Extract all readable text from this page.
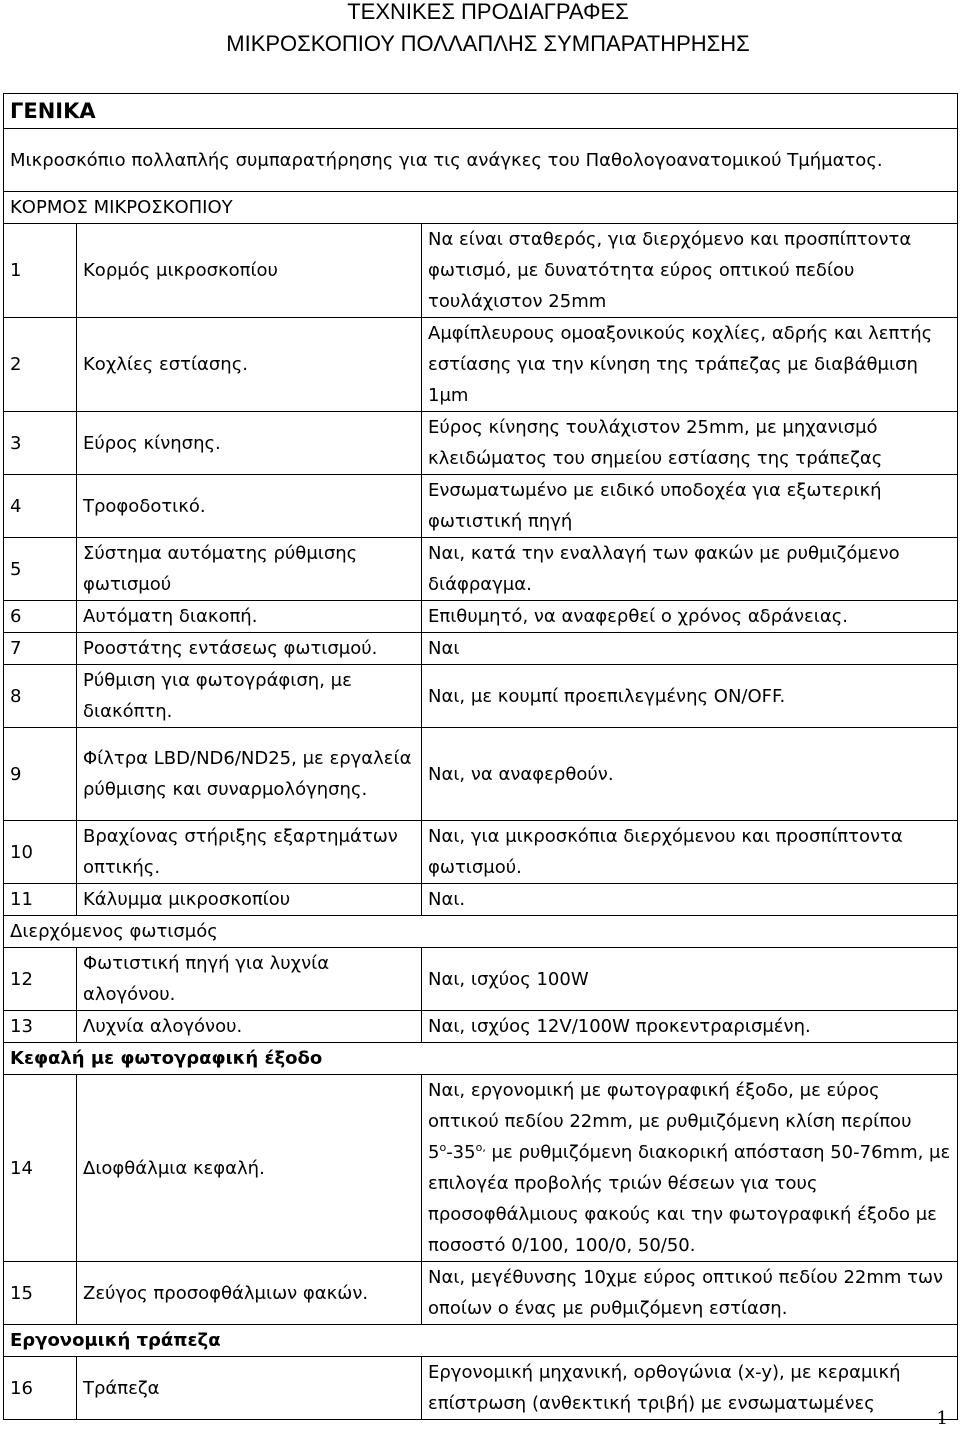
ΤΕΧΝΙΚΕΣ ΠΡΟΔΙΑΓΡΑΦΕΣ
ΜΙΚΡΟΣΚΟΠΙΟΥ ΠΟΛΛΑΠΛΗΣ ΣΥΜΠΑΡΑΤΗΡΗΣΗΣ
ΓΕΝΙΚΑ		
Μικροσκόπιο πολλαπλής συμπαρατήρησης για τις ανάγκες του Παθολογοανατομικού Τμήματος.		
ΚΟΡΜΟΣ ΜΙΚΡΟΣΚΟΠΙΟΥ		
1	Κορμός μικροσκοπίου	Να είναι σταθερός, για διερχόμενο και προσπίπτοντα φωτισμό, με δυνατότητα εύρος οπτικού πεδίου τουλάχιστον 25mm
2	Κοχλίες εστίασης.	Αμφίπλευρους ομοαξονικούς κοχλίες, αδρής και λεπτής εστίασης για την κίνηση της τράπεζας με διαβάθμιση 1μm
3	Εύρος κίνησης.	Εύρος κίνησης τουλάχιστον 25mm, με μηχανισμό κλειδώματος του σημείου εστίασης της τράπεζας
4	Τροφοδοτικό.	Ενσωματωμένο με ειδικό υποδοχέα για εξωτερική φωτιστική πηγή
5	Σύστημα αυτόματης ρύθμισης φωτισμού	Ναι, κατά την εναλλαγή των φακών με ρυθμιζόμενο διάφραγμα.
6	Αυτόματη διακοπή.	Επιθυμητό, να αναφερθεί ο χρόνος αδράνειας.
7	Ροοστάτης εντάσεως φωτισμού.	Ναι
8	Ρύθμιση για φωτογράφιση, με διακόπτη.	Ναι, με κουμπί προεπιλεγμένης ON/OFF.
9	Φίλτρα LBD/ND6/ND25, με εργαλεία ρύθμισης και συναρμολόγησης.	Ναι, να αναφερθούν.
10	Βραχίονας στήριξης εξαρτημάτων οπτικής.	Ναι, για μικροσκόπια διερχόμενου και προσπίπτοντα φωτισμού.
11	Κάλυμμα μικροσκοπίου	Ναι.
Διερχόμενος φωτισμός		
12	Φωτιστική πηγή για λυχνία αλογόνου.	Ναι, ισχύος 100W
13	Λυχνία αλογόνου.	Ναι, ισχύος 12V/100W προκεντραρισμένη.
Κεφαλή με φωτογραφική έξοδο		
14	Διοφθάλμια κεφαλή.	Ναι, εργονομική με φωτογραφική έξοδο, με εύρος οπτικού πεδίου 22mm, με ρυθμιζόμενη κλίση περίπου $5^o-35^{o,}$ με ρυθμιζόμενη διακορική απόσταση 50-76mm, με επιλογέα προβολής τριών θέσεων για τους προσοφθάλμιους φακούς και την φωτογραφική έξοδο με ποσοστό 0/100, 100/0, 50/50.
15	Ζεύγος προσοφθάλμιων φακών.	Ναι, μεγέθυνσης 10χμε εύρος οπτικού πεδίου 22mm των οποίων ο ένας με ρυθμιζόμενη εστίαση.
Εργονομική τράπεζα		
16	Τράπεζα	Εργονομική μηχανική, ορθογώνια (x-y), με κεραμική επίστρωση (ανθεκτική τριβή) με ενσωματωμένες
1
